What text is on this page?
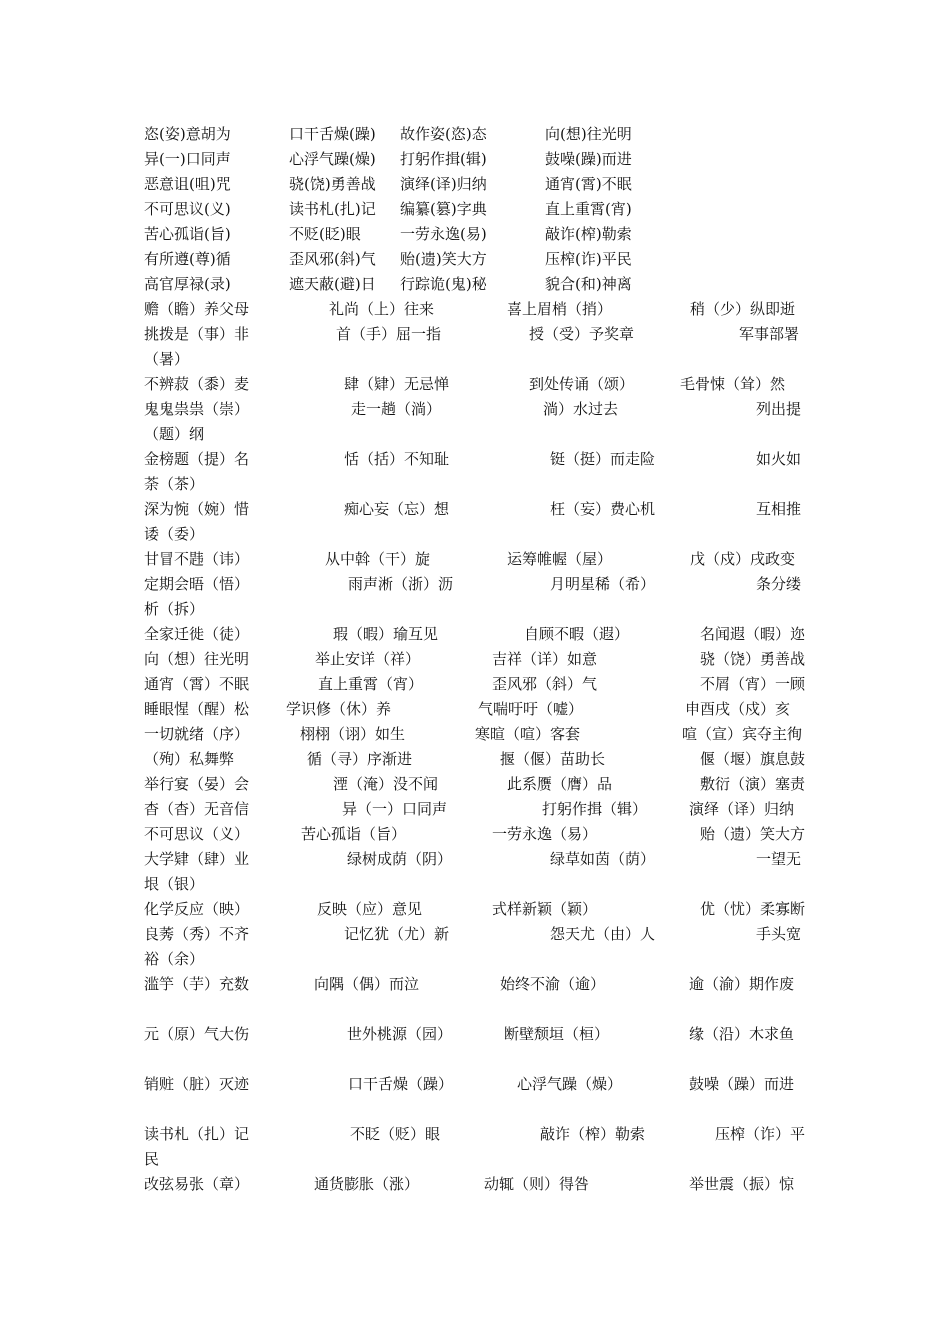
恣(姿)意胡为	口干舌燥(躁) 故作姿(恣)态	向(想)往光明
异(一)口同声	心浮气躁(燥) 打躬作揖(辑)	鼓噪(躁)而进
恶意诅(咀)咒	骁(饶)勇善战 演绎(译)归纳	通宵(霄)不眠
不可思议(义)	读书札(扎)记 编纂(篡)字典	直上重霄(宵)
苦心孤诣(旨)	不贬(眨)眼	一劳永逸(易)	敲诈(榨)勒索
有所遵(尊)循	歪风邪(斜)气 贻(遗)笑大方	压榨(诈)平民
高官厚禄(录)	遮天蔽(避)日 行踪诡(鬼)秘	貌合(和)神离
赡（瞻）养父母	礼尚（上）往来	喜上眉梢（捎）	稍（少）纵即逝
挑拨是（事）非	首（手）屈一指	授（受）予奖章	军事部署
（暑）
不辨菽（黍）麦	肆（肄）无忌惮	到处传诵（颂）	毛骨悚（耸）然
鬼鬼祟祟（崇）	走一趟（淌）	淌）水过去	列出提
（题）纲
金榜题（提）名	恬（括）不知耻	铤（挺）而走险	如火如
荼（茶）
深为惋（婉）惜	痴心妄（忘）想	枉（妄）费心机	互相推
诿（委）
甘冒不韪（讳）	从中斡（干）旋	运筹帷幄（屋）	戊（戍）戌政变
定期会晤（悟）	雨声淅（浙）沥	月明星稀（希）	条分缕
析（拆）
全家迁徙（徒）	瑕（暇）瑜互见	自顾不暇（遐）	名闻遐（暇）迩
向（想）往光明	举止安详（祥）	吉祥（详）如意	骁（饶）勇善战
通宵（霄）不眠	直上重霄（宵）	歪风邪（斜）气	不屑（宵）一顾
睡眼惺（醒）松 学识修（休）养	气喘吁吁（嘘）	申酉戌（戍）亥
一切就绪（序）	栩栩（诩）如生	寒暄（喧）客套	喧（宣）宾夺主徇
（殉）私舞弊	循（寻）序渐进	揠（偃）苗助长	偃（堰）旗息鼓
举行宴（晏）会	湮（淹）没不闻	此系赝（膺）品	敷衍（演）塞责
杳（杳）无音信	异（一）口同声	打躬作揖（辑）	演绎（译）归纳
不可思议（义）	苦心孤诣（旨）	一劳永逸（易）	贻（遗）笑大方
大学肄（肆）业	绿树成荫（阴）	绿草如茵（荫）	一望无
垠（银）
化学反应（映）	反映（应）意见	式样新颖（颖）	优（忧）柔寡断
良莠（秀）不齐	记忆犹（尤）新	怨天尤（由）人	手头宽
裕（余）
滥竽（芋）充数	向隅（偶）而泣	始终不渝（逾）	逾（渝）期作废
元（原）气大伤	世外桃源（园）	断壁颓垣（桓）	缘（沿）木求鱼
销赃（脏）灭迹	口干舌燥（躁）	心浮气躁（燥）	鼓噪（躁）而进
读书札（扎）记	不眨（贬）眼	敲诈（榨）勒索	压榨（诈）平
民
改弦易张（章）	通货膨胀（涨）	动辄（则）得咎	举世震（振）惊
